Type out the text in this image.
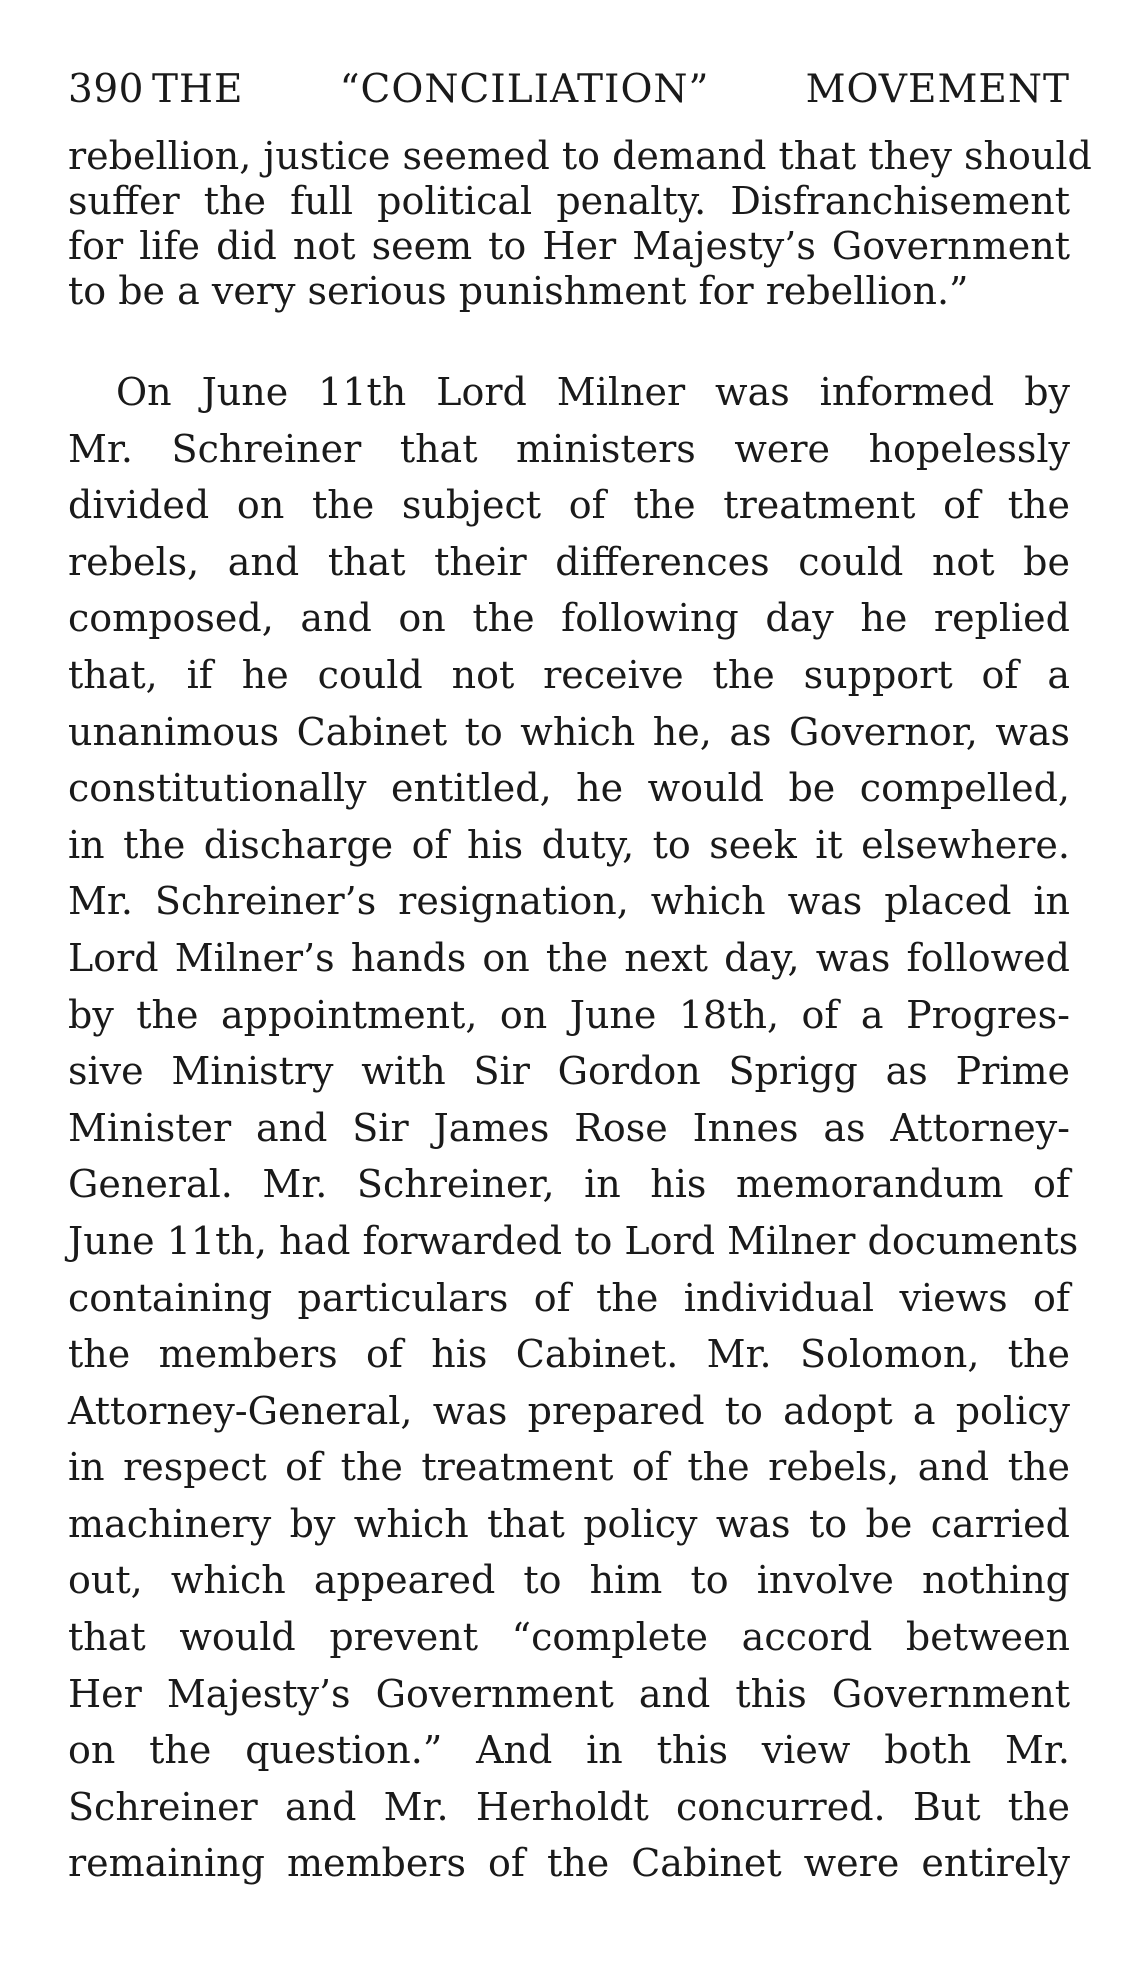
390 THE “CONCILIATION” MOVEMENT
rebellion, justice seemed to demand that they should
suffer the full political penalty. Disfranchisement
for life did not seem to Her Majesty’s Government
to be a very serious punishment for rebellion.”
On June 11th Lord Milner was informed by
Mr. Schreiner that ministers were hopelessly
divided on the subject of the treatment of the
rebels, and that their differences could not be
composed, and on the following day he replied
that, if he could not receive the support of a
unanimous Cabinet to which he, as Governor, was
constitutionally entitled, he would be compelled,
in the discharge of his duty, to seek it elsewhere.
Mr. Schreiner’s resignation, which was placed in
Lord Milner’s hands on the next day, was followed
by the appointment, on June 18th, of a Progres-
sive Ministry with Sir Gordon Sprigg as Prime
Minister and Sir James Rose Innes as Attorney-
General. Mr. Schreiner, in his memorandum of
June 11th, had forwarded to Lord Milner documents
containing particulars of the individual views of
the members of his Cabinet. Mr. Solomon, the
Attorney-General, was prepared to adopt a policy
in respect of the treatment of the rebels, and the
machinery by which that policy was to be carried
out, which appeared to him to involve nothing
that would prevent “complete accord between
Her Majesty’s Government and this Government
on the question.” And in this view both Mr.
Schreiner and Mr. Herholdt concurred. But the
remaining members of the Cabinet were entirely
